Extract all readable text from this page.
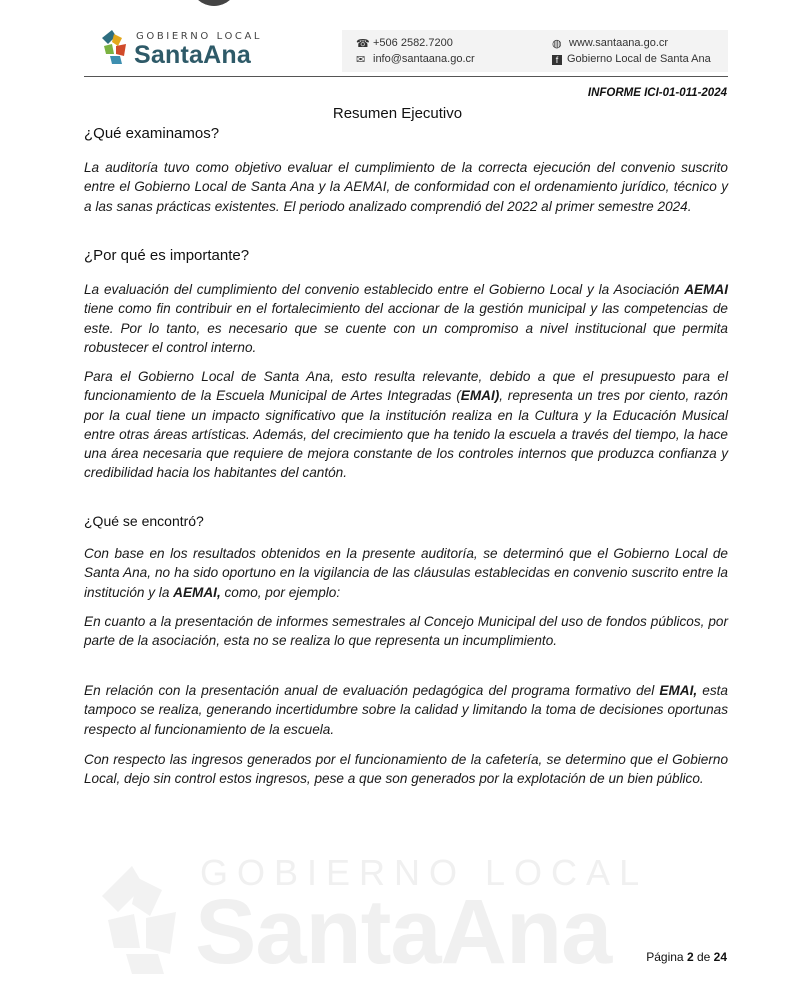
GOBIERNO LOCAL
SantaAna	☎ +506 2582.7200
✉ info@santaana.go.cr
◍ www.santaana.go.cr
f Gobierno Local de Santa Ana
INFORME ICI-01-011-2024
Resumen Ejecutivo
¿Qué examinamos?
La auditoría tuvo como objetivo evaluar el cumplimiento de la correcta ejecución del convenio suscrito entre el Gobierno Local de Santa Ana y la AEMAI, de conformidad con el ordenamiento jurídico, técnico y a las sanas prácticas existentes. El periodo analizado comprendió del 2022 al primer semestre 2024.
¿Por qué es importante?
La evaluación del cumplimiento del convenio establecido entre el Gobierno Local y la Asociación AEMAI tiene como fin contribuir en el fortalecimiento del accionar de la gestión municipal y las competencias de este. Por lo tanto, es necesario que se cuente con un compromiso a nivel institucional que permita robustecer el control interno.
Para el Gobierno Local de Santa Ana, esto resulta relevante, debido a que el presupuesto para el funcionamiento de la Escuela Municipal de Artes Integradas (EMAI), representa un tres por ciento, razón por la cual tiene un impacto significativo que la institución realiza en la Cultura y la Educación Musical entre otras áreas artísticas. Además, del crecimiento que ha tenido la escuela a través del tiempo, la hace una área necesaria que requiere de mejora constante de los controles internos que produzca confianza y credibilidad hacia los habitantes del cantón.
¿Qué se encontró?
Con base en los resultados obtenidos en la presente auditoría, se determinó que el Gobierno Local de Santa Ana, no ha sido oportuno en la vigilancia de las cláusulas establecidas en convenio suscrito entre la institución y la AEMAI, como, por ejemplo:
En cuanto a la presentación de informes semestrales al Concejo Municipal del uso de fondos públicos, por parte de la asociación, esta no se realiza lo que representa un incumplimiento.
En relación con la presentación anual de evaluación pedagógica del programa formativo del EMAI, esta tampoco se realiza, generando incertidumbre sobre la calidad y limitando la toma de decisiones oportunas respecto al funcionamiento de la escuela.
Con respecto las ingresos generados por el funcionamiento de la cafetería, se determino que el Gobierno Local, dejo sin control estos ingresos, pese a que son generados por la explotación de un bien público.
GOBIERNO LOCAL
SantaAna	Página 2 de 24
